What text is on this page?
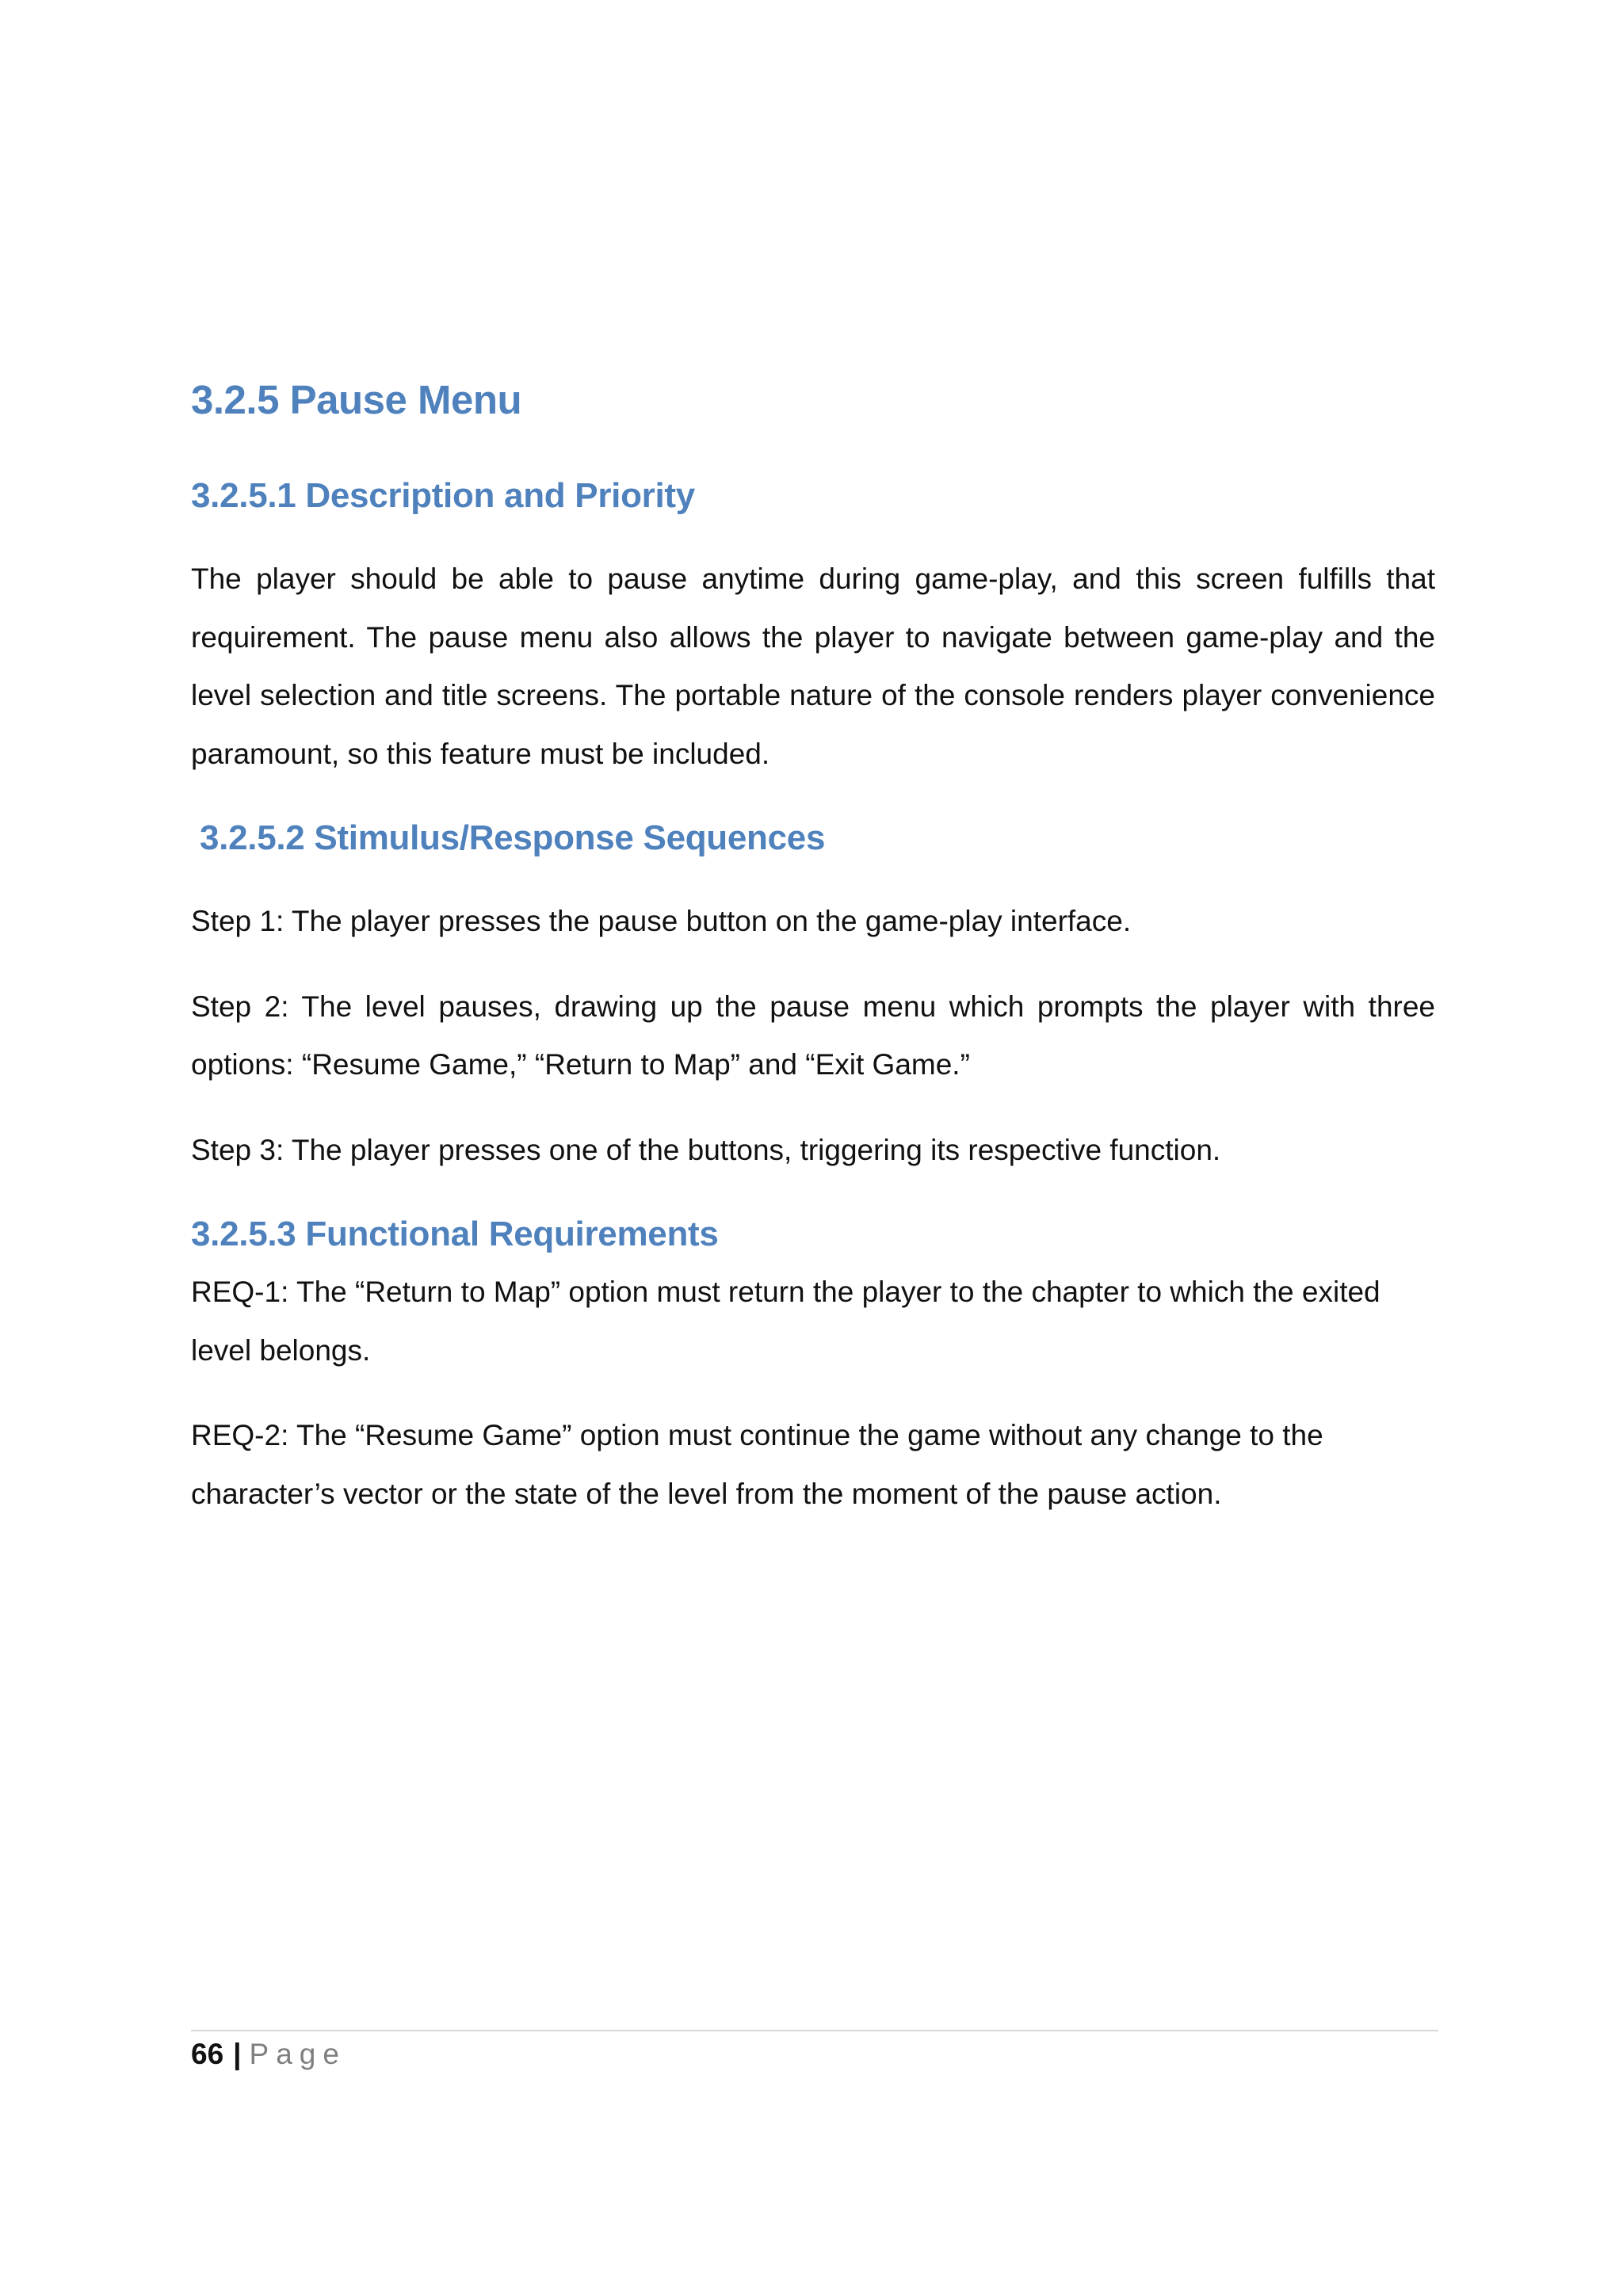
3.2.5 Pause Menu
3.2.5.1 Description and Priority

The player should be able to pause anytime during game-play, and this screen fulfills that requirement. The pause menu also allows the player to navigate between game-play and the level selection and title screens. The portable nature of the console renders player convenience paramount, so this feature must be included.

3.2.5.2 Stimulus/Response Sequences

Step 1: The player presses the pause button on the game-play interface.

Step 2: The level pauses, drawing up the pause menu which prompts the player with three options: “Resume Game,” “Return to Map” and “Exit Game.”

Step 3: The player presses one of the buttons, triggering its respective function.

3.2.5.3 Functional Requirements

REQ-1: The “Return to Map” option must return the player to the chapter to which the exited level belongs.

REQ-2: The “Resume Game” option must continue the game without any change to the character’s vector or the state of the level from the moment of the pause action.

66 | Page
